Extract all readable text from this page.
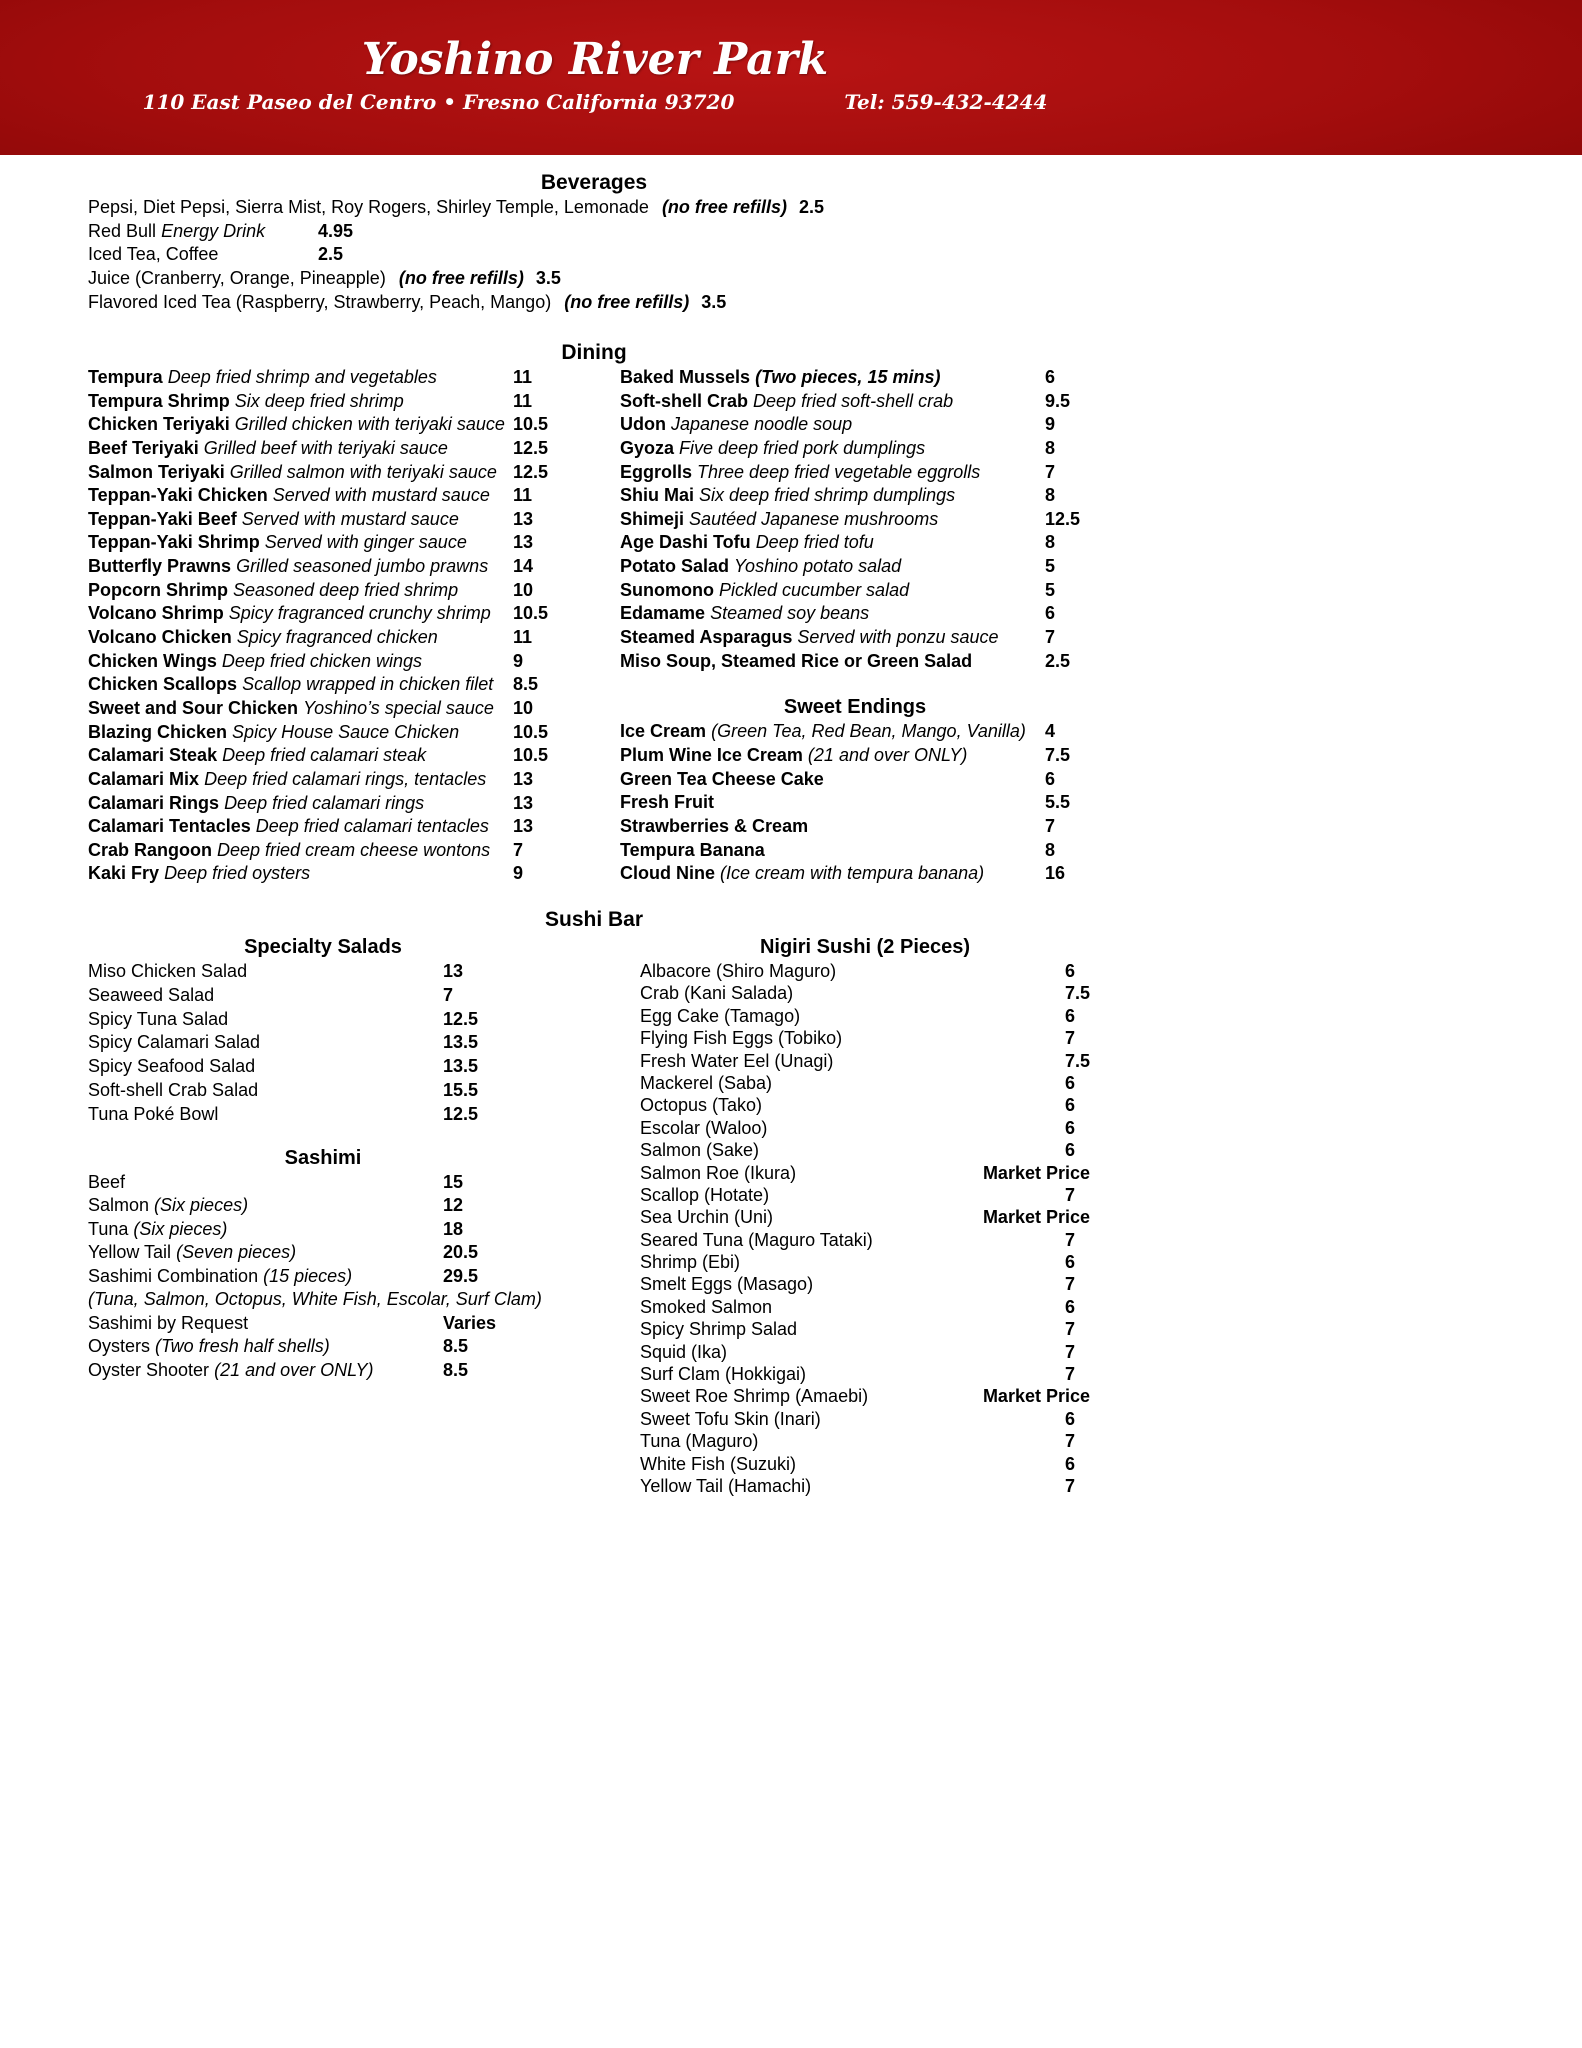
Yoshino River Park
110 East Paseo del Centro • Fresno California 93720	Tel: 559-432-4244
Beverages
Pepsi, Diet Pepsi, Sierra Mist, Roy Rogers, Shirley Temple, Lemonade (no free refills) 2.5
Red Bull Energy Drink	4.95
Iced Tea, Coffee	2.5
Juice (Cranberry, Orange, Pineapple) (no free refills) 3.5
Flavored Iced Tea (Raspberry, Strawberry, Peach, Mango) (no free refills) 3.5
Dining
Tempura Deep fried shrimp and vegetables	11
Tempura Shrimp Six deep fried shrimp	11
Chicken Teriyaki Grilled chicken with teriyaki sauce 10.5
Beef Teriyaki Grilled beef with teriyaki sauce	12.5
Salmon Teriyaki Grilled salmon with teriyaki sauce 12.5
Teppan-Yaki Chicken Served with mustard sauce 11
Teppan-Yaki Beef Served with mustard sauce	13
Teppan-Yaki Shrimp Served with ginger sauce	13
Butterfly Prawns Grilled seasoned jumbo prawns 14
Popcorn Shrimp Seasoned deep fried shrimp	10
Volcano Shrimp Spicy fragranced crunchy shrimp 10.5
Volcano Chicken Spicy fragranced chicken	11
Chicken Wings Deep fried chicken wings	9
Chicken Scallops Scallop wrapped in chicken filet 8.5
Sweet and Sour Chicken Yoshino’s special sauce 10
Blazing Chicken Spicy House Sauce Chicken	10.5
Calamari Steak Deep fried calamari steak	10.5
Calamari Mix Deep fried calamari rings, tentacles 13
Calamari Rings Deep fried calamari rings	13
Calamari Tentacles Deep fried calamari tentacles 13
Crab Rangoon Deep fried cream cheese wontons 7
Kaki Fry Deep fried oysters	9
Baked Mussels (Two pieces, 15 mins)	6
Soft-shell Crab Deep fried soft-shell crab	9.5
Udon Japanese noodle soup	9
Gyoza Five deep fried pork dumplings	8
Eggrolls Three deep fried vegetable eggrolls	7
Shiu Mai Six deep fried shrimp dumplings	8
Shimeji Sautéed Japanese mushrooms	12.5
Age Dashi Tofu Deep fried tofu	8
Potato Salad Yoshino potato salad	5
Sunomono Pickled cucumber salad	5
Edamame Steamed soy beans	6
Steamed Asparagus Served with ponzu sauce	7
Miso Soup, Steamed Rice or Green Salad	2.5
Sweet Endings
Ice Cream (Green Tea, Red Bean, Mango, Vanilla) 4
Plum Wine Ice Cream (21 and over ONLY)	7.5
Green Tea Cheese Cake	6
Fresh Fruit	5.5
Strawberries & Cream	7
Tempura Banana	8
Cloud Nine (Ice cream with tempura banana)	16
Sushi Bar
Specialty Salads
Miso Chicken Salad	13
Seaweed Salad	7
Spicy Tuna Salad	12.5
Spicy Calamari Salad	13.5
Spicy Seafood Salad	13.5
Soft-shell Crab Salad	15.5
Tuna Poké Bowl	12.5
Sashimi
Beef	15
Salmon (Six pieces)	12
Tuna (Six pieces)	18
Yellow Tail (Seven pieces)	20.5
Sashimi Combination (15 pieces)	29.5
(Tuna, Salmon, Octopus, White Fish, Escolar, Surf Clam)
Sashimi by Request	Varies
Oysters (Two fresh half shells)	8.5
Oyster Shooter (21 and over ONLY)	8.5
Nigiri Sushi (2 Pieces)
Albacore (Shiro Maguro)	6
Crab (Kani Salada)	7.5
Egg Cake (Tamago)	6
Flying Fish Eggs (Tobiko)	7
Fresh Water Eel (Unagi)	7.5
Mackerel (Saba)	6
Octopus (Tako)	6
Escolar (Waloo)	6
Salmon (Sake)	6
Salmon Roe (Ikura)	Market Price
Scallop (Hotate)	7
Sea Urchin (Uni)	Market Price
Seared Tuna (Maguro Tataki)	7
Shrimp (Ebi)	6
Smelt Eggs (Masago)	7
Smoked Salmon	6
Spicy Shrimp Salad	7
Squid (Ika)	7
Surf Clam (Hokkigai)	7
Sweet Roe Shrimp (Amaebi)	Market Price
Sweet Tofu Skin (Inari)	6
Tuna (Maguro)	7
White Fish (Suzuki)	6
Yellow Tail (Hamachi)	7
